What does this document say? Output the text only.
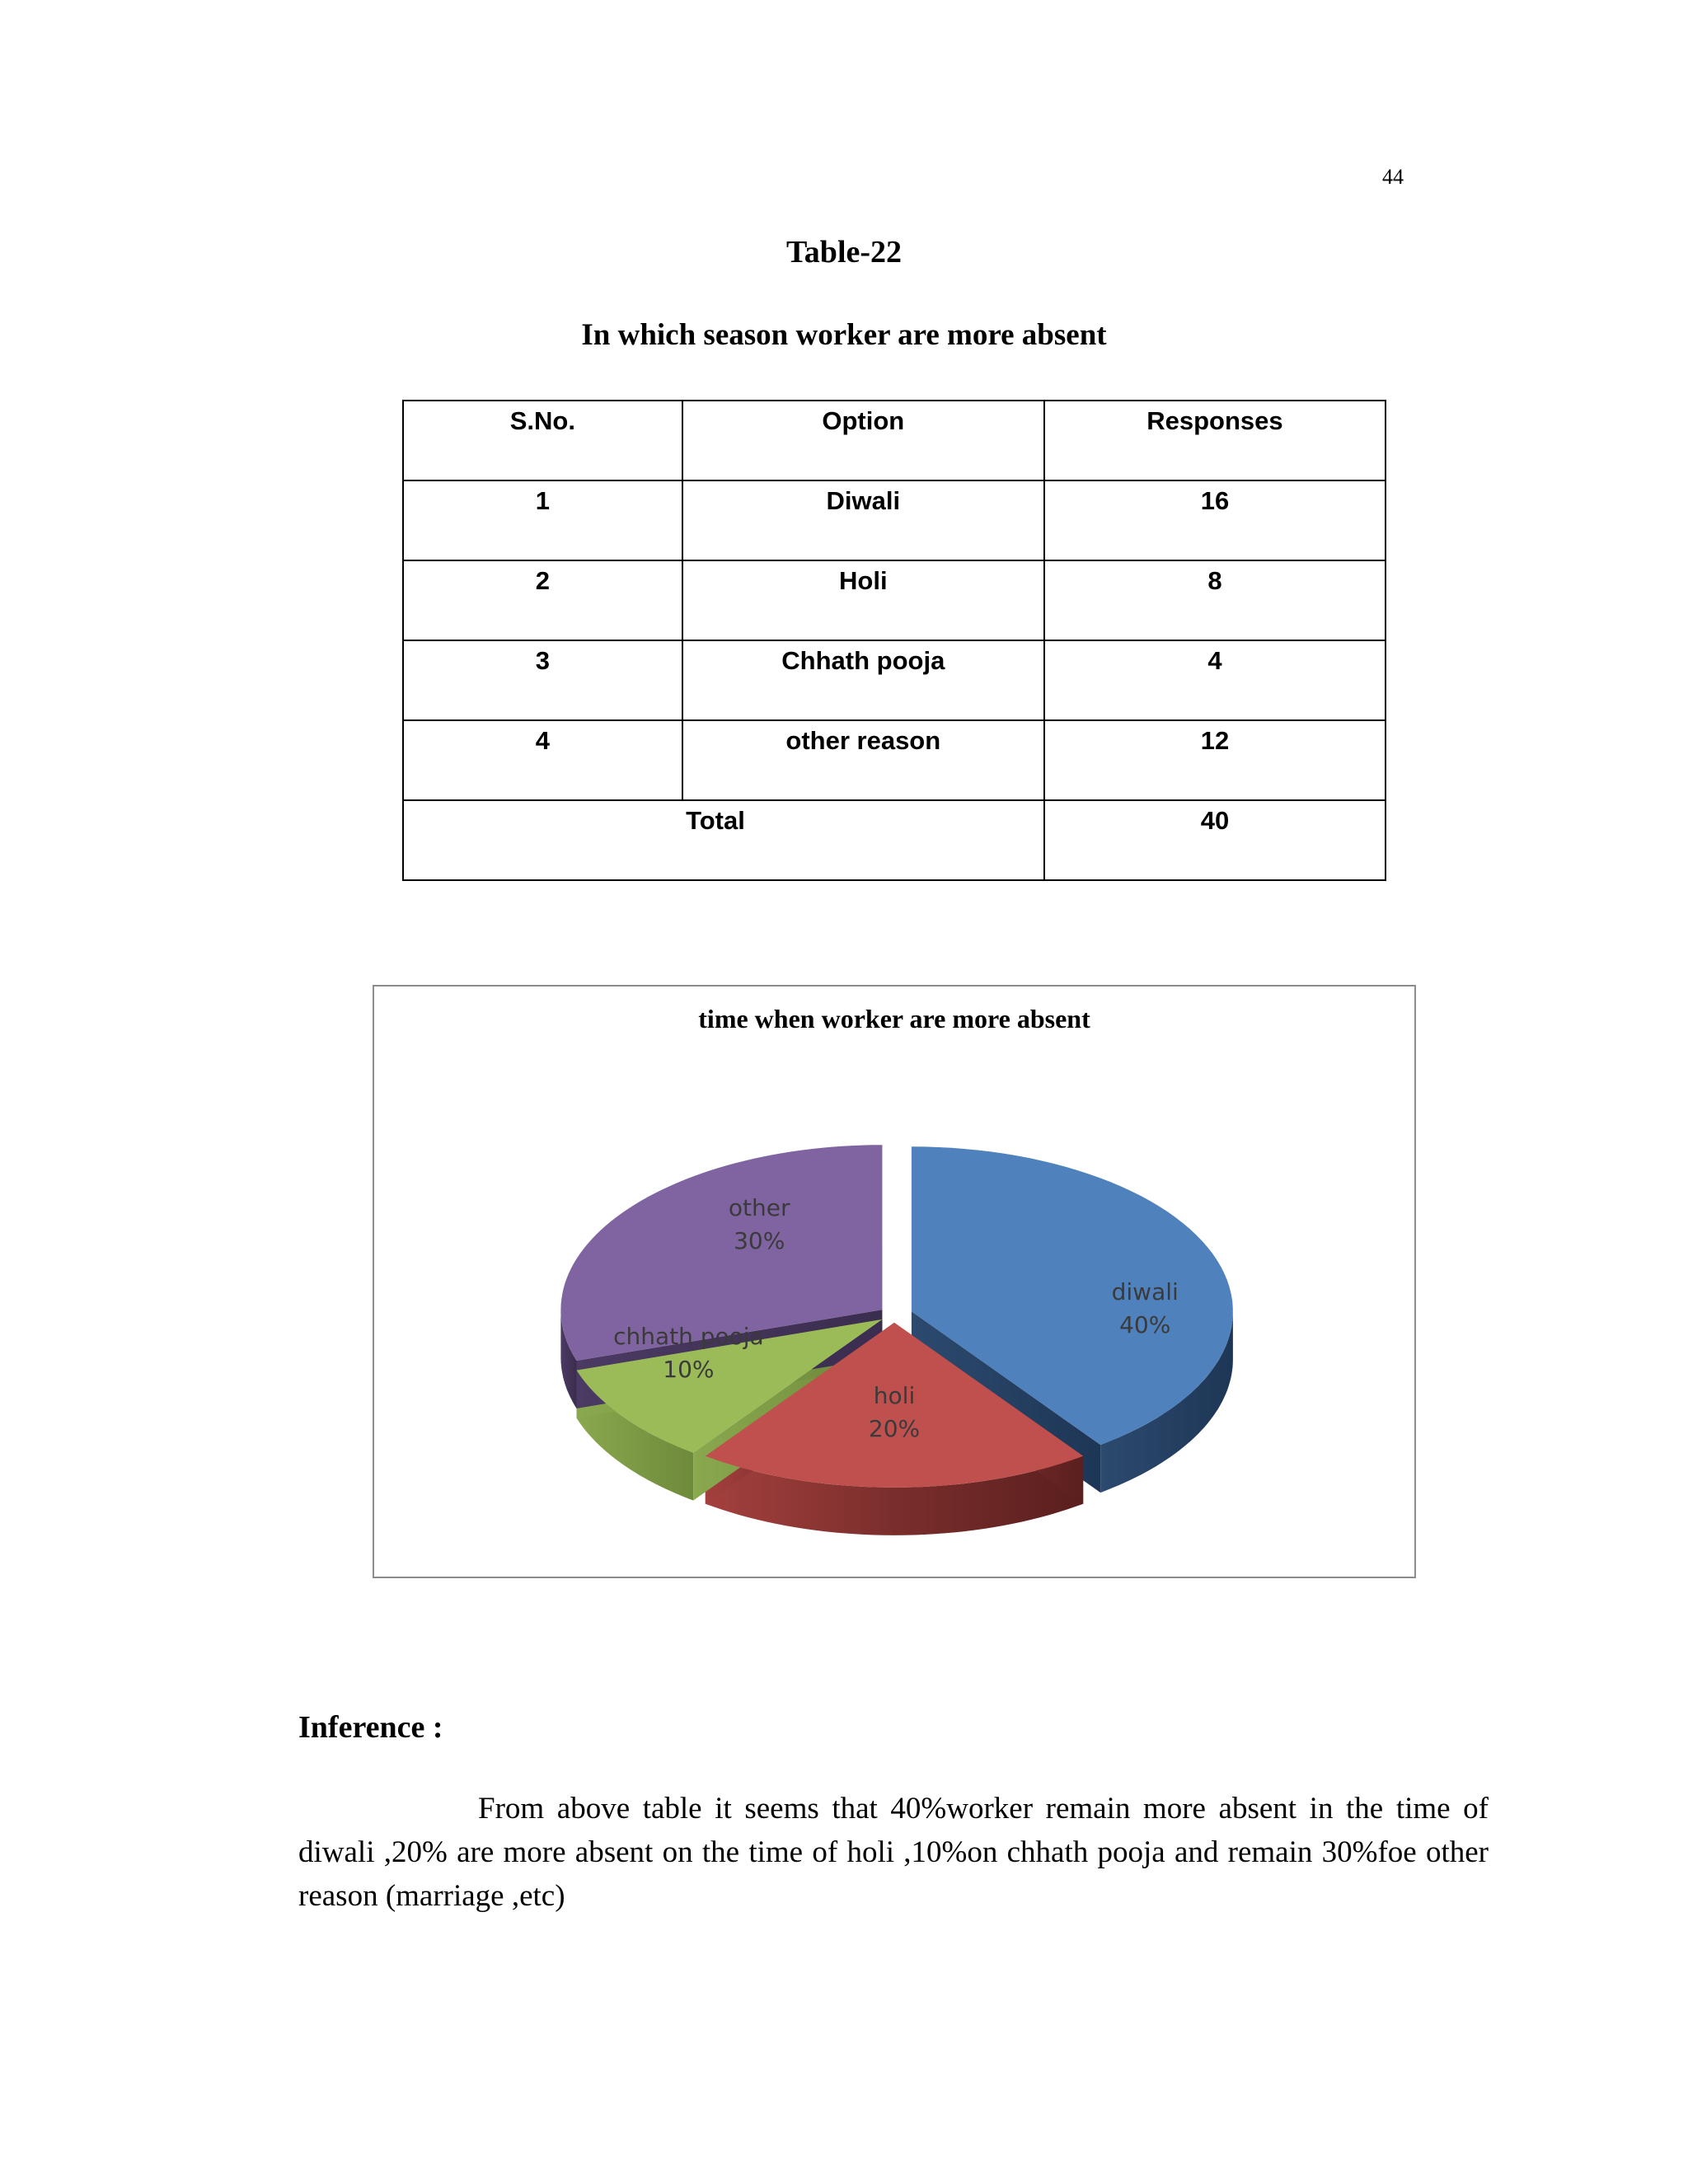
44
Table-22
In which season worker are more absent
S.No.	Option	Responses
1	Diwali	16
2	Holi	8
3	Chhath pooja	4
4	other reason	12
Total		40
time when worker are more absent
diwali
40%
holi
20%
chhath pooja
10%
other
30%
Inference :
From above table it seems that 40%worker remain more absent in the time of diwali ,20% are more absent on the time of holi ,10%on chhath pooja and remain 30%foe other reason (marriage ,etc)
